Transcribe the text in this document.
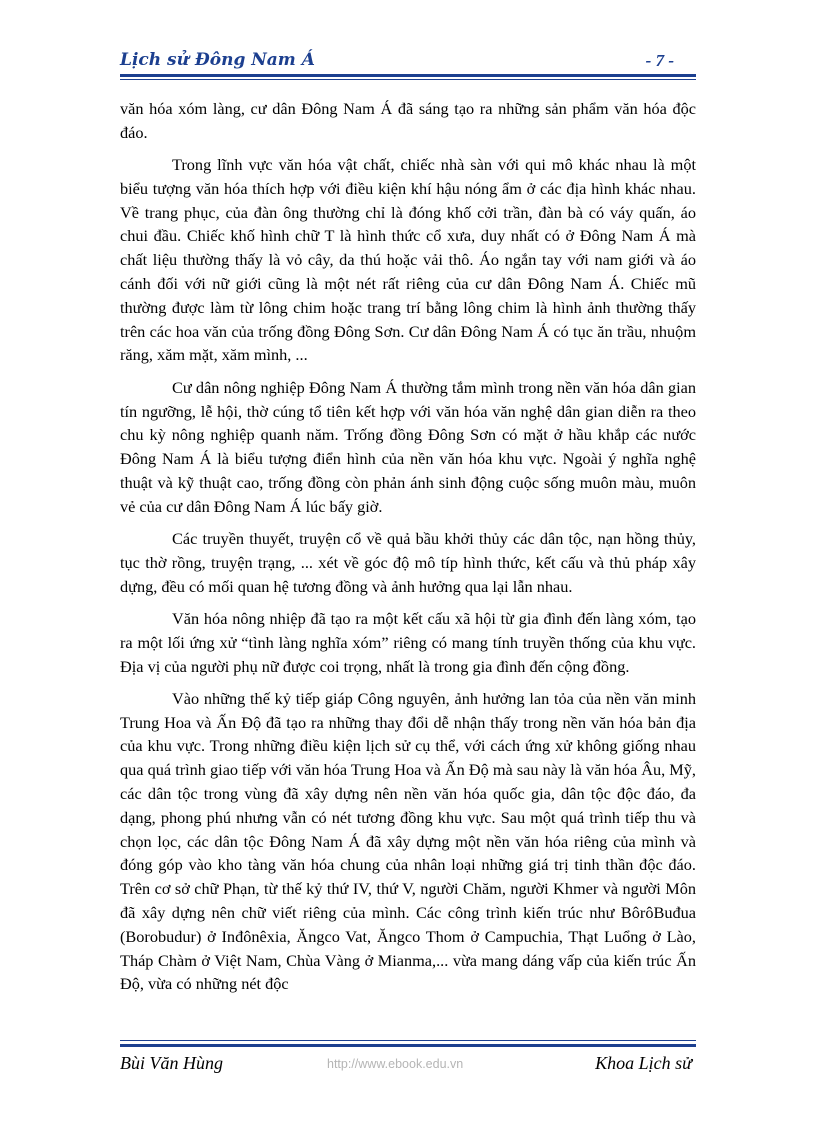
Lịch sử Đông Nam Á	- 7 -

văn hóa xóm làng, cư dân Đông Nam Á đã sáng tạo ra những sản phẩm văn hóa độc đáo.

Trong lĩnh vực văn hóa vật chất, chiếc nhà sàn với qui mô khác nhau là một biểu tượng văn hóa thích hợp với điều kiện khí hậu nóng ẩm ở các địa hình khác nhau. Về trang phục, của đàn ông thường chỉ là đóng khố cởi trần, đàn bà có váy quấn, áo chui đầu. Chiếc khố hình chữ T là hình thức cổ xưa, duy nhất có ở Đông Nam Á mà chất liệu thường thấy là vỏ cây, da thú hoặc vải thô. Áo ngắn tay với nam giới và áo cánh đối với nữ giới cũng là một nét rất riêng của cư dân Đông Nam Á. Chiếc mũ thường được làm từ lông chim hoặc trang trí bằng lông chim là hình ảnh thường thấy trên các hoa văn của trống đồng Đông Sơn. Cư dân Đông Nam Á có tục ăn trầu, nhuộm răng, xăm mặt, xăm mình, ...

Cư dân nông nghiệp Đông Nam Á thường tắm mình trong nền văn hóa dân gian tín ngưỡng, lễ hội, thờ cúng tổ tiên kết hợp với văn hóa văn nghệ dân gian diễn ra theo chu kỳ nông nghiệp quanh năm. Trống đồng Đông Sơn có mặt ở hầu khắp các nước Đông Nam Á là biểu tượng điển hình của nền văn hóa khu vực. Ngoài ý nghĩa nghệ thuật và kỹ thuật cao, trống đồng còn phản ánh sinh động cuộc sống muôn màu, muôn vẻ của cư dân Đông Nam Á lúc bấy giờ.

Các truyền thuyết, truyện cổ về quả bầu khởi thủy các dân tộc, nạn hồng thủy, tục thờ rồng, truyện trạng, ... xét về góc độ mô típ hình thức, kết cấu và thủ pháp xây dựng, đều có mối quan hệ tương đồng và ảnh hưởng qua lại lẫn nhau.

Văn hóa nông nhiệp đã tạo ra một kết cấu xã hội từ gia đình đến làng xóm, tạo ra một lối ứng xử “tình làng nghĩa xóm” riêng có mang tính truyền thống của khu vực. Địa vị của người phụ nữ được coi trọng, nhất là trong gia đình đến cộng đồng.

Vào những thế kỷ tiếp giáp Công nguyên, ảnh hưởng lan tỏa của nền văn minh Trung Hoa và Ấn Độ đã tạo ra những thay đổi dễ nhận thấy trong nền văn hóa bản địa của khu vực. Trong những điều kiện lịch sử cụ thể, với cách ứng xử không giống nhau qua quá trình giao tiếp với văn hóa Trung Hoa và Ấn Độ mà sau này là văn hóa Âu, Mỹ, các dân tộc trong vùng đã xây dựng nên nền văn hóa quốc gia, dân tộc độc đáo, đa dạng, phong phú nhưng vẫn có nét tương đồng khu vực. Sau một quá trình tiếp thu và chọn lọc, các dân tộc Đông Nam Á đã xây dựng một nền văn hóa riêng của mình và đóng góp vào kho tàng văn hóa chung của nhân loại những giá trị tinh thần độc đáo. Trên cơ sở chữ Phạn, từ thế kỷ thứ IV, thứ V, người Chăm, người Khmer và người Môn đã xây dựng nên chữ viết riêng của mình. Các công trình kiến trúc như BôrôBuđua (Borobudur) ở Inđônêxia, Ăngco Vat, Ăngco Thom ở Campuchia, Thạt Luổng ở Lào, Tháp Chàm ở Việt Nam, Chùa Vàng ở Mianma,... vừa mang dáng vấp của kiến trúc Ấn Độ, vừa có những nét độc

Bùi Văn Hùng	http://www.ebook.edu.vn	Khoa Lịch sử
